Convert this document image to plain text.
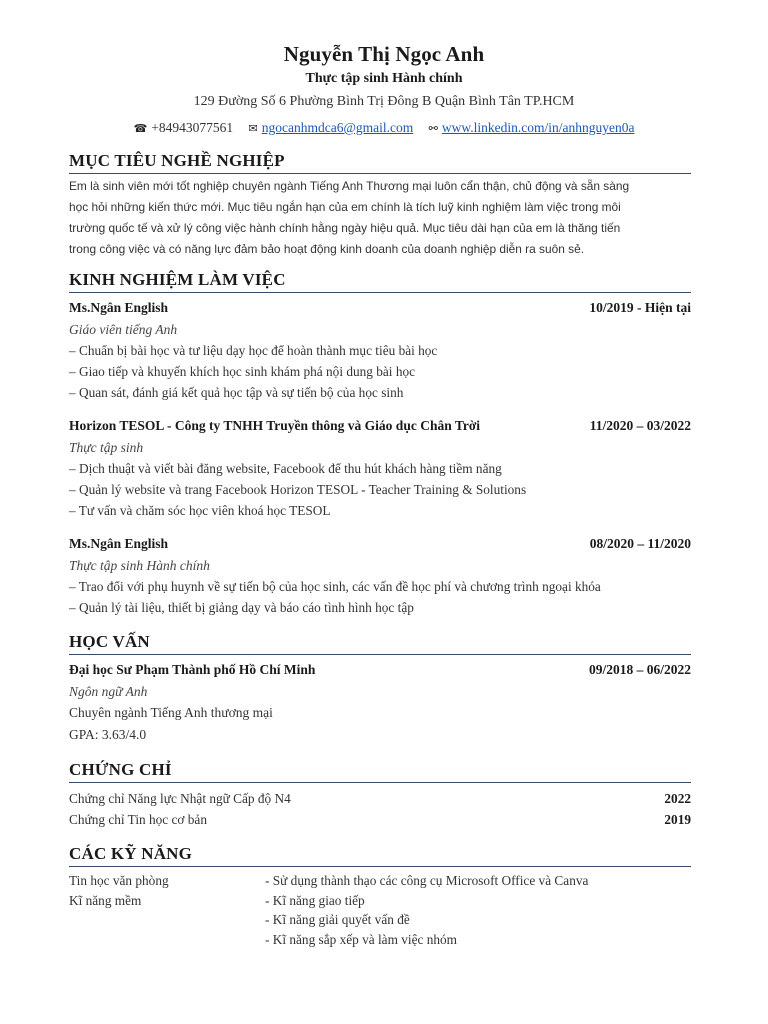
Nguyễn Thị Ngọc Anh
Thực tập sinh Hành chính
129 Đường Số 6 Phường Bình Trị Đông B Quận Bình Tân TP.HCM
☎ +84943077561 ✉ ngocanhmdca6@gmail.com ⚯ www.linkedin.com/in/anhnguyen0a
MỤC TIÊU NGHỀ NGHIỆP
Em là sinh viên mới tốt nghiệp chuyên ngành Tiếng Anh Thương mại luôn cẩn thận, chủ động và sẵn sàng
học hỏi những kiến thức mới. Mục tiêu ngắn hạn của em chính là tích luỹ kinh nghiệm làm việc trong môi
trường quốc tế và xử lý công việc hành chính hằng ngày hiệu quả. Mục tiêu dài hạn của em là thăng tiến
trong công việc và có năng lực đảm bảo hoạt động kinh doanh của doanh nghiệp diễn ra suôn sẻ.
KINH NGHIỆM LÀM VIỆC
Ms.Ngân English	10/2019 - Hiện tại
Giáo viên tiếng Anh
– Chuẩn bị bài học và tư liệu dạy học để hoàn thành mục tiêu bài học
– Giao tiếp và khuyến khích học sinh khám phá nội dung bài học
– Quan sát, đánh giá kết quả học tập và sự tiến bộ của học sinh
Horizon TESOL - Công ty TNHH Truyền thông và Giáo dục Chân Trời	11/2020 – 03/2022
Thực tập sinh
– Dịch thuật và viết bài đăng website, Facebook để thu hút khách hàng tiềm năng
– Quản lý website và trang Facebook Horizon TESOL - Teacher Training & Solutions
– Tư vấn và chăm sóc học viên khoá học TESOL
Ms.Ngân English	08/2020 – 11/2020
Thực tập sinh Hành chính
– Trao đổi với phụ huynh về sự tiến bộ của học sinh, các vấn đề học phí và chương trình ngoại khóa
– Quản lý tài liệu, thiết bị giảng dạy và báo cáo tình hình học tập
HỌC VẤN
Đại học Sư Phạm Thành phố Hồ Chí Minh	09/2018 – 06/2022
Ngôn ngữ Anh
Chuyên ngành Tiếng Anh thương mại
GPA: 3.63/4.0
CHỨNG CHỈ
Chứng chỉ Năng lực Nhật ngữ Cấp độ N4	2022
Chứng chỉ Tin học cơ bản	2019
CÁC KỸ NĂNG
Tin học văn phòng	- Sử dụng thành thạo các công cụ Microsoft Office và Canva
Kĩ năng mềm	- Kĩ năng giao tiếp
- Kĩ năng giải quyết vấn đề
- Kĩ năng sắp xếp và làm việc nhóm
